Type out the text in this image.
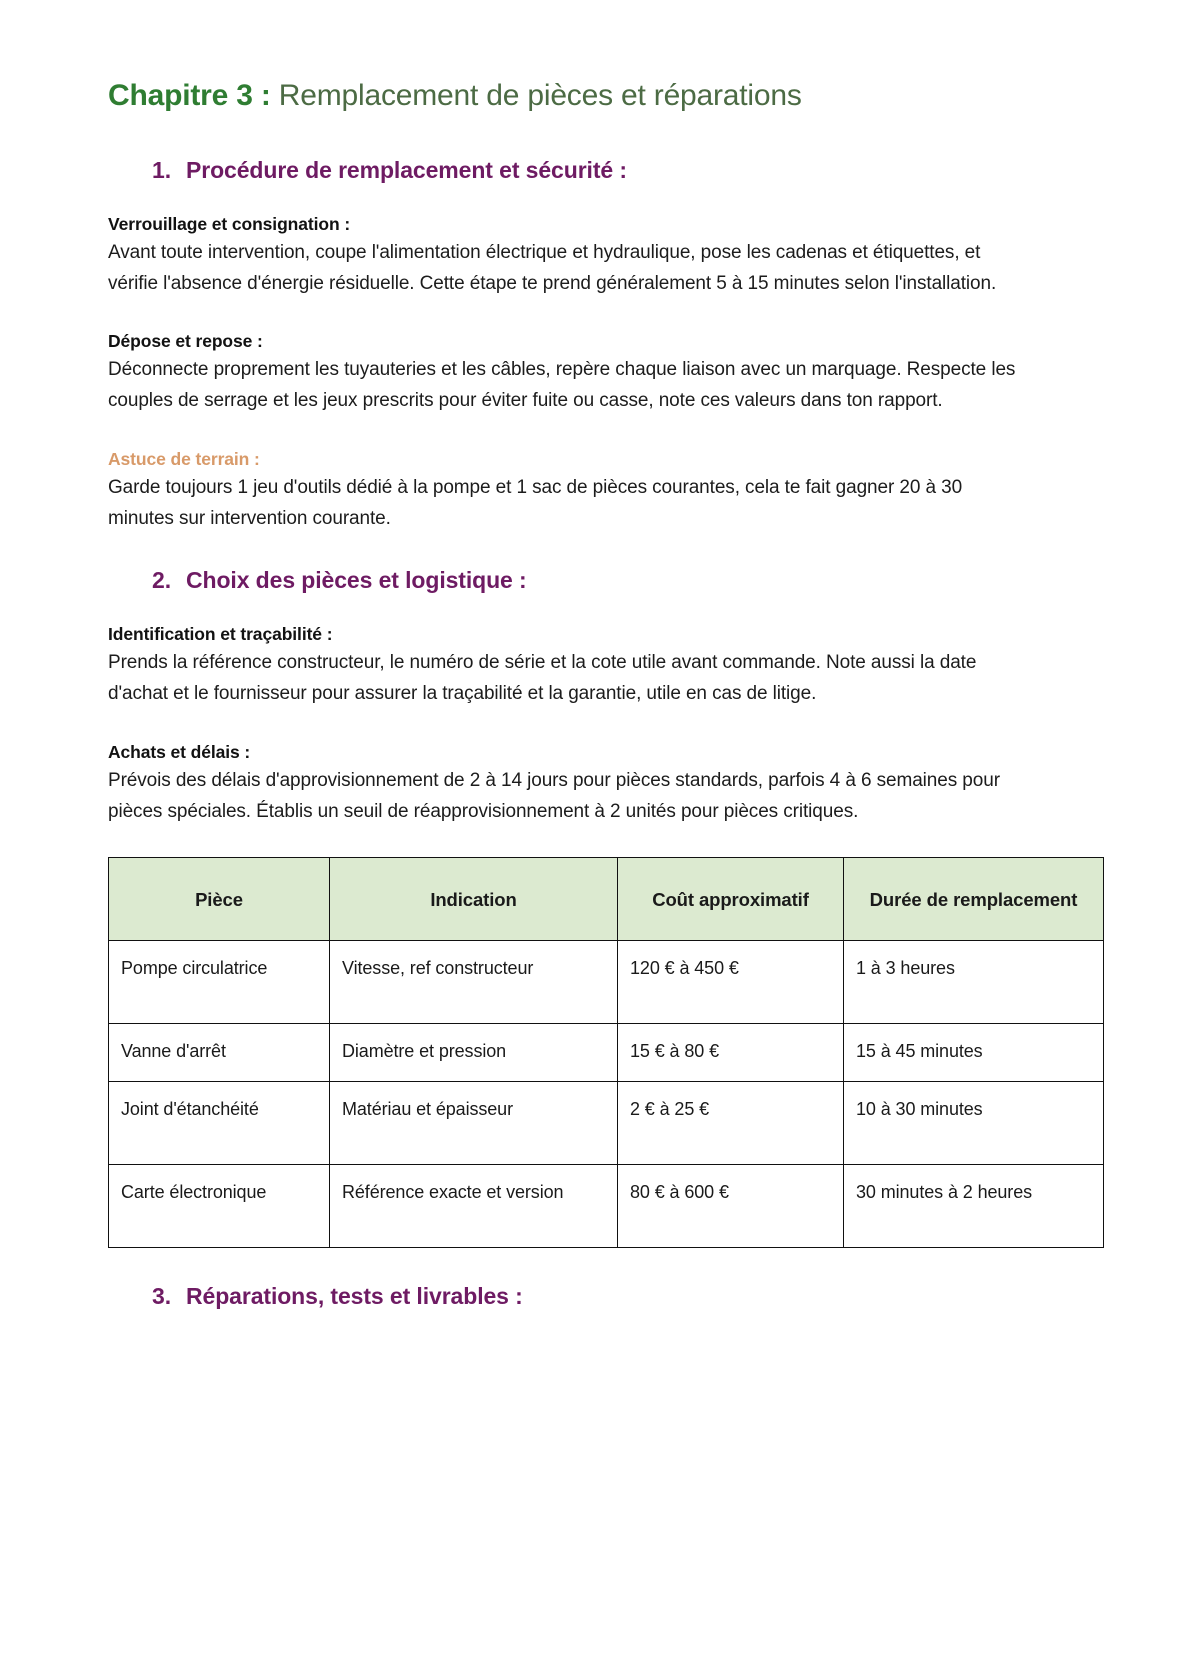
Chapitre 3 : Remplacement de pièces et réparations
1. Procédure de remplacement et sécurité :
Verrouillage et consignation :

Avant toute intervention, coupe l'alimentation électrique et hydraulique, pose les cadenas et étiquettes, et vérifie l'absence d'énergie résiduelle. Cette étape te prend généralement 5 à 15 minutes selon l'installation.

Dépose et repose :

Déconnecte proprement les tuyauteries et les câbles, repère chaque liaison avec un marquage. Respecte les couples de serrage et les jeux prescrits pour éviter fuite ou casse, note ces valeurs dans ton rapport.

Astuce de terrain :

Garde toujours 1 jeu d'outils dédié à la pompe et 1 sac de pièces courantes, cela te fait gagner 20 à 30 minutes sur intervention courante.

2. Choix des pièces et logistique :
Identification et traçabilité :

Prends la référence constructeur, le numéro de série et la cote utile avant commande. Note aussi la date d'achat et le fournisseur pour assurer la traçabilité et la garantie, utile en cas de litige.

Achats et délais :

Prévois des délais d'approvisionnement de 2 à 14 jours pour pièces standards, parfois 4 à 6 semaines pour pièces spéciales. Établis un seuil de réapprovisionnement à 2 unités pour pièces critiques.

Pièce	Indication	Coût approximatif	Durée de remplacement
Pompe circulatrice	Vitesse, ref constructeur	120 € à 450 €	1 à 3 heures
Vanne d'arrêt	Diamètre et pression	15 € à 80 €	15 à 45 minutes
Joint d'étanchéité	Matériau et épaisseur	2 € à 25 €	10 à 30 minutes
Carte électronique	Référence exacte et version	80 € à 600 €	30 minutes à 2 heures
3. Réparations, tests et livrables :
